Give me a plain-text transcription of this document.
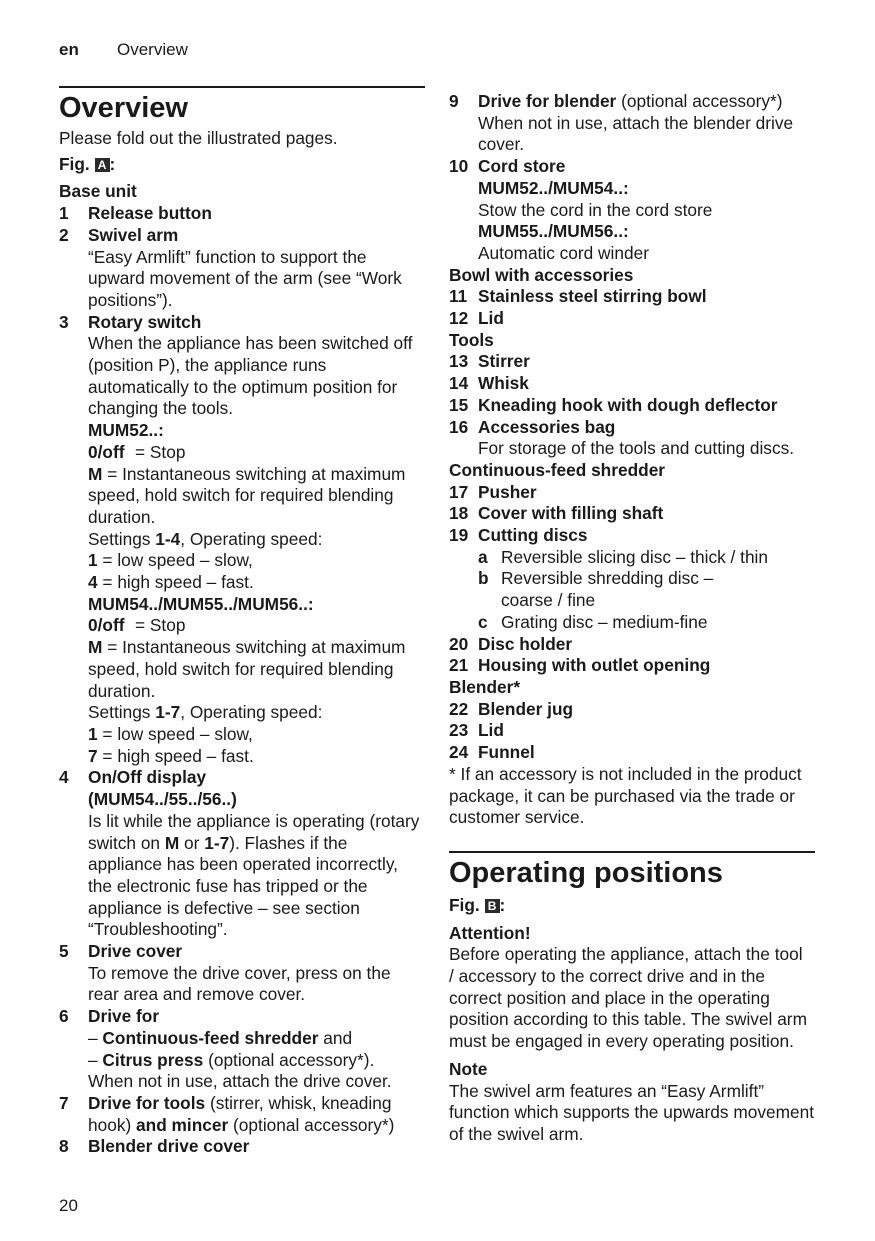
en Overview
Overview

Please fold out the illustrated pages.

Fig. A :

Base unit

1	Release button
2	Swivel arm
“Easy Armlift” function to support the upward movement of the arm (see “Work positions”).
3	Rotary switch
When the appliance has been switched off (position P), the appliance runs automatically to the optimum position for changing the tools.
MUM52..:
0/off = Stop
M = Instantaneous switching at maximum speed, hold switch for required blending duration.
Settings 1-4, Operating speed:
1 = low speed – slow,
4 = high speed – fast.
MUM54../MUM55../MUM56..:
0/off = Stop
M = Instantaneous switching at maximum speed, hold switch for required blending duration.
Settings 1-7, Operating speed:
1 = low speed – slow,
7 = high speed – fast.
4	On/Off display
(MUM54../55../56..)
Is lit while the appliance is operating (rotary switch on M or 1-7). Flashes if the appliance has been operated incorrectly, the electronic fuse has tripped or the appliance is defective – see section “Troubleshooting”.
5	Drive cover
To remove the drive cover, press on the rear area and remove cover.
6	Drive for
– Continuous-feed shredder and
– Citrus press (optional accessory*).
When not in use, attach the drive cover.
7	Drive for tools (stirrer, whisk, kneading hook) and mincer (optional accessory*)
8	Blender drive cover
9	Drive for blender (optional accessory*)
When not in use, attach the blender drive cover.
10 Cord store
MUM52../MUM54..:
Stow the cord in the cord store
MUM55../MUM56..:
Automatic cord winder

Bowl with accessories

11 Stainless steel stirring bowl
12 Lid

Tools

13 Stirrer
14 Whisk
15 Kneading hook with dough deflector
16 Accessories bag
For storage of the tools and cutting discs.

Continuous-feed shredder

17 Pusher
18 Cover with filling shaft
19 Cutting discs
a Reversible slicing disc – thick / thin
b Reversible shredding disc – coarse / fine
c Grating disc – medium-fine
20 Disc holder
21 Housing with outlet opening

Blender*

22 Blender jug
23 Lid
24 Funnel

* If an accessory is not included in the product package, it can be purchased via the trade or customer service.

Operating positions

Fig. B :

Attention!

Before operating the appliance, attach the tool / accessory to the correct drive and in the correct position and place in the operating position according to this table. The swivel arm must be engaged in every operating position.

Note

The swivel arm features an “Easy Armlift” function which supports the upwards movement of the swivel arm.

20
